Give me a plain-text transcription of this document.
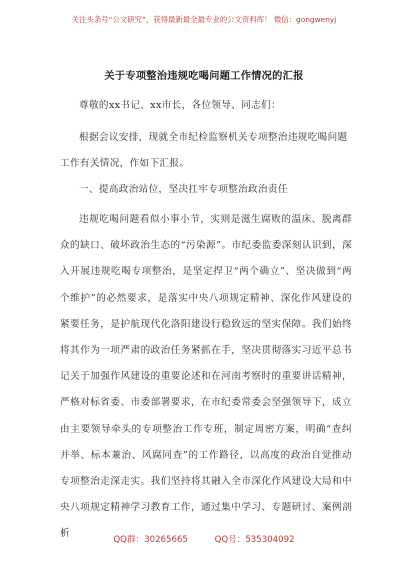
关注头条号“公文研究”，获得最新最全最专业的公文资料库！ 微信：gongwenyj
关于专项整治违规吃喝问题工作情况的汇报

尊敬的xx书记、xx市长，各位领导、同志们：

根据会议安排，现就全市纪检监察机关专项整治违规吃喝问题工作有关情况，作如下汇报。

一、提高政治站位，坚决扛牢专项整治政治责任

违规吃喝问题看似小事小节，实则是滋生腐败的温床、脱离群众的缺口、破坏政治生态的“污染源”。市纪委监委深刻认识到，深入开展违规吃喝专项整治，是坚定捍卫“两个确立”、坚决做到“两个维护”的必然要求，是落实中央八项规定精神、深化作风建设的紧要任务，是护航现代化洛阳建设行稳致远的坚实保障。我们始终将其作为一项严肃的政治任务紧抓在手，坚决贯彻落实习近平总书记关于加强作风建设的重要论述和在河南考察时的重要讲话精神，严格对标省委、市委部署要求，在市纪委常委会坚强领导下，成立由主要领导牵头的专项整治工作专班，制定周密方案，明确“查纠并举、标本兼治、风腐同查”的工作路径，以高度的政治自觉推动专项整治走深走实。我们坚持将其融入全市深化作风建设大局和中央八项规定精神学习教育工作，通过集中学习、专题研讨、案例剖析

QQ群：30265665	QQ号：535304092
